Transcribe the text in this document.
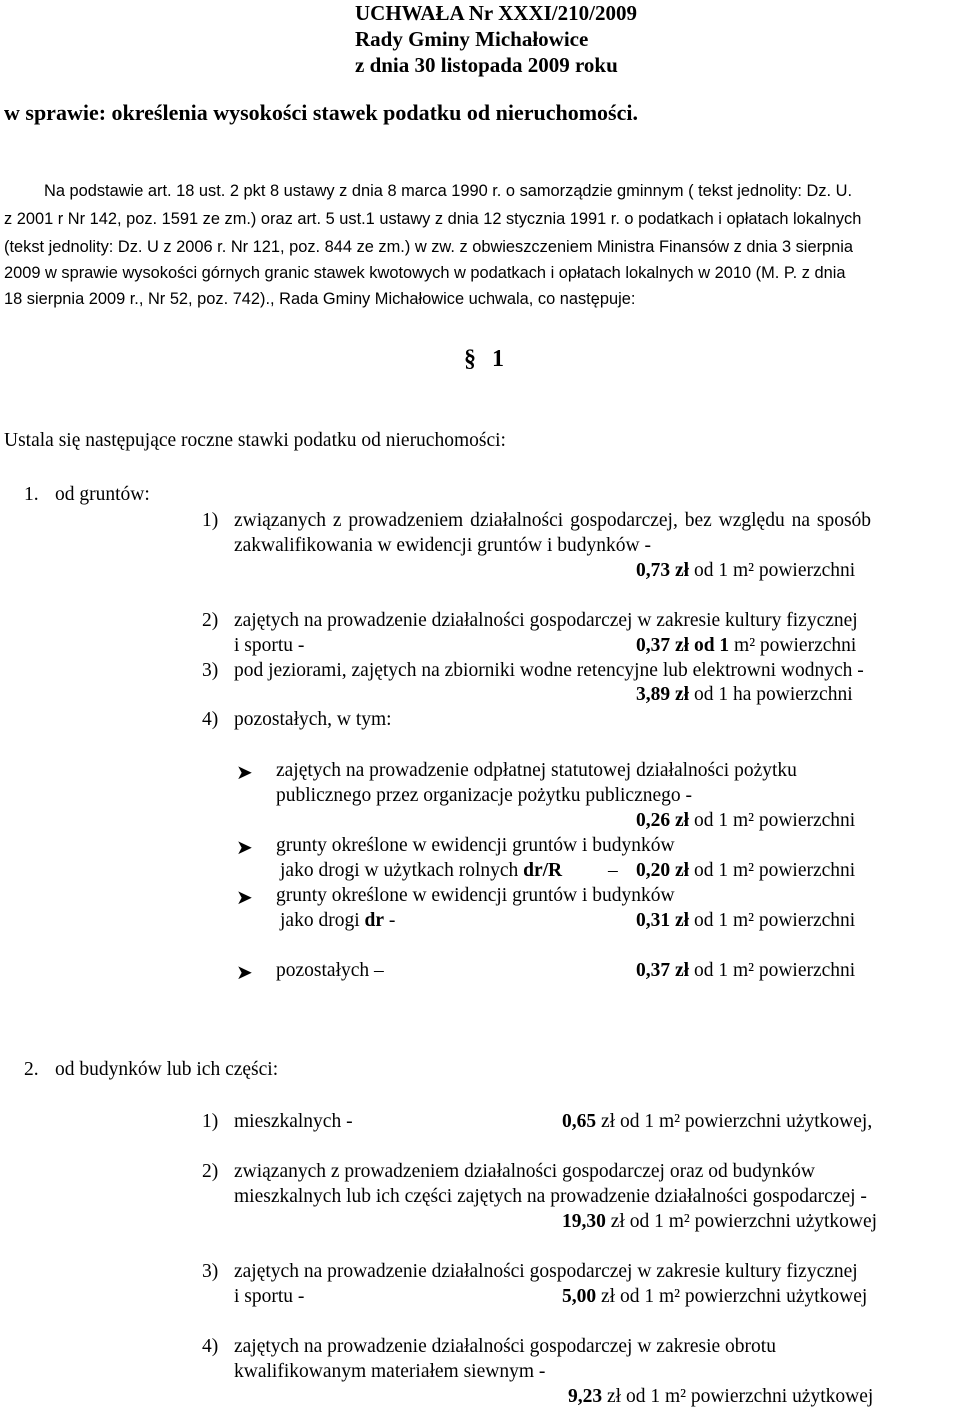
UCHWAŁA Nr XXXI/210/2009
Rady Gminy Michałowice
z dnia 30 listopada 2009 roku
w sprawie: określenia wysokości stawek podatku od nieruchomości.
Na podstawie art. 18 ust. 2 pkt 8 ustawy z dnia 8 marca 1990 r. o samorządzie gminnym ( tekst jednolity: Dz. U.
z 2001 r Nr 142, poz. 1591 ze zm.) oraz art. 5 ust.1 ustawy z dnia 12 stycznia 1991 r. o podatkach i opłatach lokalnych
(tekst jednolity: Dz. U z 2006 r. Nr 121, poz. 844 ze zm.) w zw. z obwieszczeniem Ministra Finansów z dnia 3 sierpnia
2009 w sprawie wysokości górnych granic stawek kwotowych w podatkach i opłatach lokalnych w 2010 (M. P. z dnia
18 sierpnia 2009 r., Nr 52, poz. 742)., Rada Gminy Michałowice uchwala, co następuje:
§ 1
Ustala się następujące roczne stawki podatku od nieruchomości:
1. od gruntów:
1) związanych z prowadzeniem działalności gospodarczej, bez względu na sposób
zakwalifikowania w ewidencji gruntów i budynków -
0,73 zł od 1 m² powierzchni
2) zajętych na prowadzenie działalności gospodarczej w zakresie kultury fizycznej
i sportu -	0,37 zł od 1 m² powierzchni
3) pod jeziorami, zajętych na zbiorniki wodne retencyjne lub elektrowni wodnych -
3,89 zł od 1 ha powierzchni
4) pozostałych, w tym:
➤ zajętych na prowadzenie odpłatnej statutowej działalności pożytku
publicznego przez organizacje pożytku publicznego -
0,26 zł od 1 m² powierzchni
➤ grunty określone w ewidencji gruntów i budynków
jako drogi w użytkach rolnych dr/R – 0,20 zł od 1 m² powierzchni
➤ grunty określone w ewidencji gruntów i budynków
jako drogi dr -	0,31 zł od 1 m² powierzchni
➤ pozostałych –	0,37 zł od 1 m² powierzchni
2. od budynków lub ich części:
1) mieszkalnych -	0,65 zł od 1 m² powierzchni użytkowej,
2) związanych z prowadzeniem działalności gospodarczej oraz od budynków
mieszkalnych lub ich części zajętych na prowadzenie działalności gospodarczej -
19,30 zł od 1 m² powierzchni użytkowej
3) zajętych na prowadzenie działalności gospodarczej w zakresie kultury fizycznej
i sportu -	5,00 zł od 1 m² powierzchni użytkowej
4) zajętych na prowadzenie działalności gospodarczej w zakresie obrotu
kwalifikowanym materiałem siewnym -
9,23 zł od 1 m² powierzchni użytkowej
